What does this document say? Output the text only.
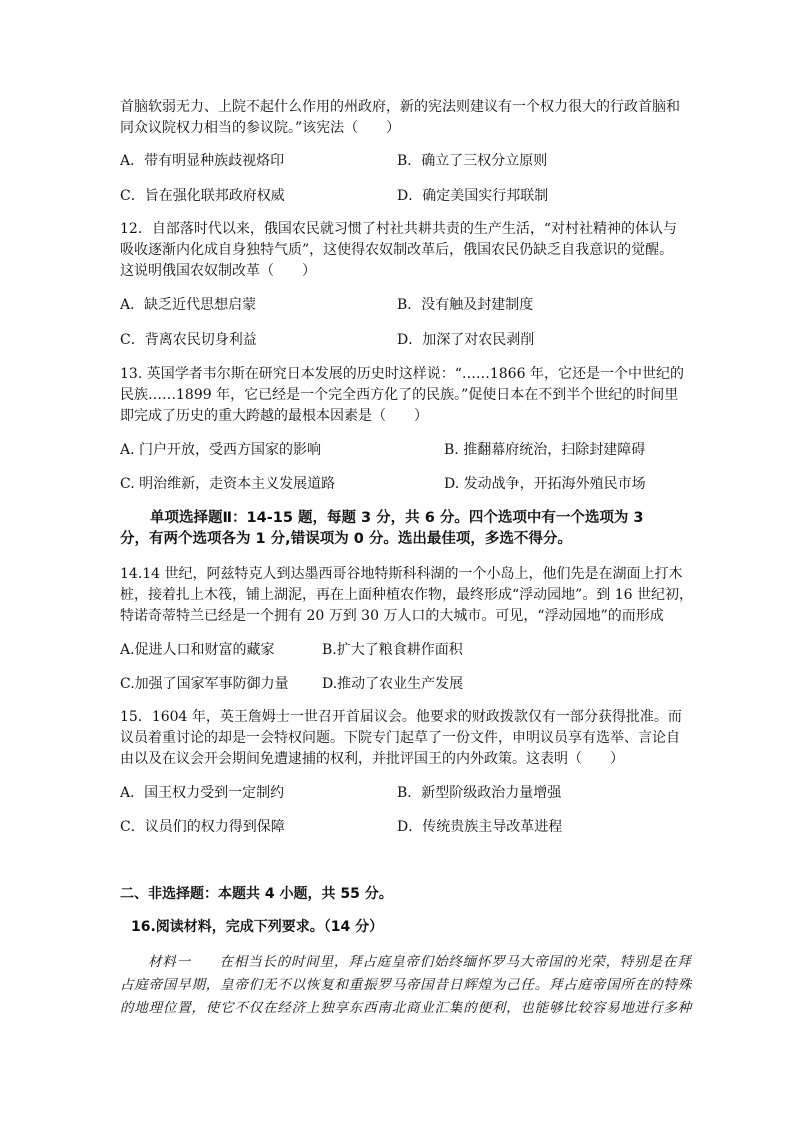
首脑软弱无力、上院不起什么作用的州政府，新的宪法则建议有一个权力很大的行政首脑和
同众议院权力相当的参议院。”该宪法（　　）
A．带有明显种族歧视烙印	B．确立了三权分立原则
C．旨在强化联邦政府权威	D．确定美国实行邦联制
12．自部落时代以来，俄国农民就习惯了村社共耕共责的生产生活，“对村社精神的体认与
吸收逐渐内化成自身独特气质”，这使得农奴制改革后，俄国农民仍缺乏自我意识的觉醒。
这说明俄国农奴制改革（　　）
A．缺乏近代思想启蒙	B．没有触及封建制度
C．背离农民切身利益	D．加深了对农民剥削
13. 英国学者韦尔斯在研究日本发展的历史时这样说：“……1866 年，它还是一个中世纪的
民族……1899 年，它已经是一个完全西方化了的民族。”促使日本在不到半个世纪的时间里
即完成了历史的重大跨越的最根本因素是（　　）
A. 门户开放，受西方国家的影响	B. 推翻幕府统治，扫除封建障碍
C. 明治维新，走资本主义发展道路	D. 发动战争，开拓海外殖民市场
单项选择题Ⅱ：14-15 题，每题 3 分，共 6 分。四个选项中有一个选项为 3
分，有两个选项各为 1 分,错误项为 0 分。选出最佳项，多选不得分。
14.14 世纪，阿兹特克人到达墨西哥谷地特斯科科湖的一个小岛上，他们先是在湖面上打木
桩，接着扎上木筏，铺上湖泥，再在上面种植农作物，最终形成“浮动园地”。到 16 世纪初，
特诺奇蒂特兰已经是一个拥有 20 万到 30 万人口的大城市。可见，“浮动园地”的而形成
A.促进人口和财富的藏家	B.扩大了粮食耕作面积
C.加强了国家军事防御力量 D.推动了农业生产发展
15．1604 年，英王詹姆士一世召开首届议会。他要求的财政拨款仅有一部分获得批准。而
议员着重讨论的却是一会特权问题。下院专门起草了一份文件，申明议员享有选举、言论自
由以及在议会开会期间免遭逮捕的权利，并批评国王的内外政策。这表明（　　）
A．国王权力受到一定制约	B．新型阶级政治力量增强
C．议员们的权力得到保障	D．传统贵族主导改革进程
二、非选择题：本题共 4 小题，共 55 分。
16.阅读材料，完成下列要求。（14 分）
材料一　　在相当长的时间里，拜占庭皇帝们始终缅怀罗马大帝国的光荣，特别是在拜
占庭帝国早期，皇帝们无不以恢复和重振罗马帝国昔日辉煌为己任。拜占庭帝国所在的特殊
的地理位置，使它不仅在经济上独享东西南北商业汇集的便利，也能够比较容易地进行多种
